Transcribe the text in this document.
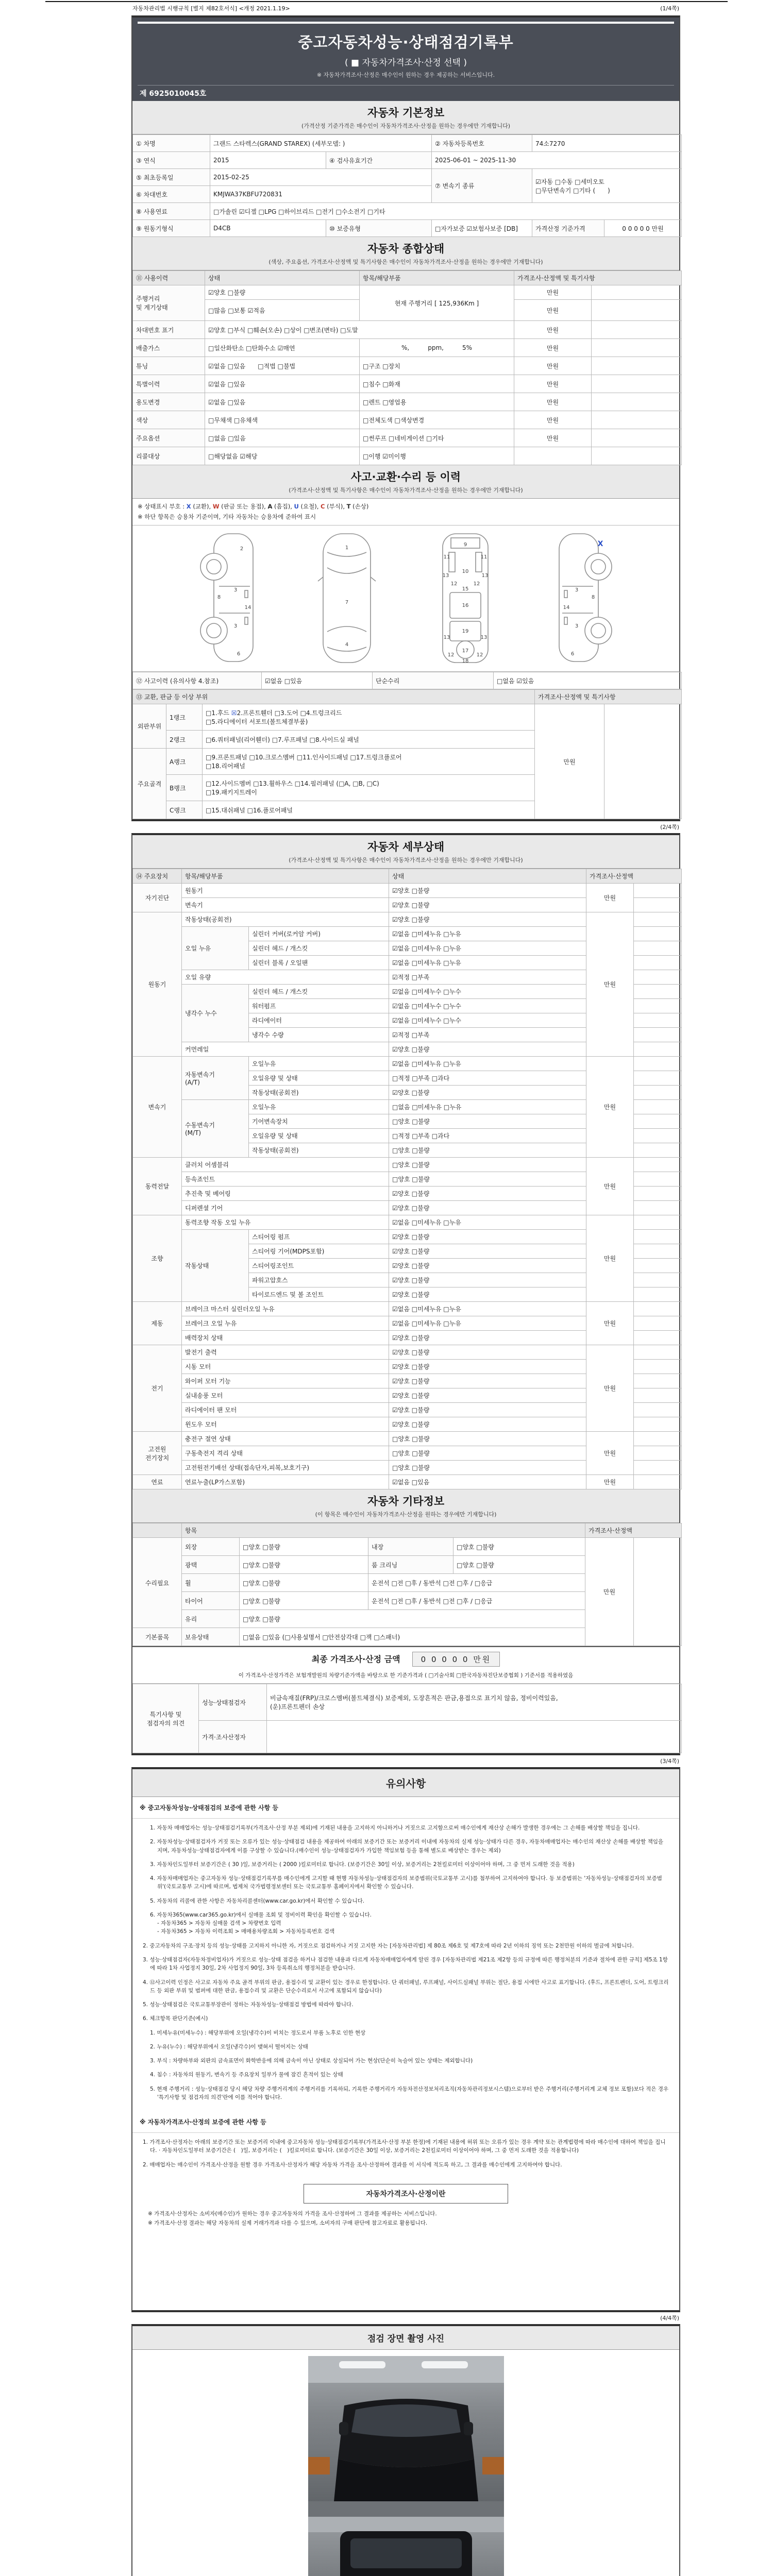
자동차관리법 시행규칙 [별지 제82호서식] <개정 2021.1.19>	(1/4쪽)
중고자동차성능·상태점검기록부
( ■ 자동차가격조사·산정 선택 )
※ 자동차가격조사·산정은 매수인이 원하는 경우 제공하는 서비스입니다.
제 6925010045호
자동차 기본정보
(가격산정 기준가격은 매수인이 자동차가격조사·산정을 원하는 경우에만 기재합니다)
① 차명	그랜드 스타렉스(GRAND STAREX) (세부모델: )		② 자동차등록번호	74소7270	
③ 연식	2015	④ 검사유효기간	2025-06-01 ~ 2025-11-30		
⑤ 최초등록일	2015-02-25		⑦ 변속기 종류	☑자동 □수동 □세미오토
□무단변속기 □기타 (  )	
⑥ 차대번호	KMJWA37KBFU720831				
⑧ 사용연료	□가솔린 ☑디젤 □LPG □하이브리드 □전기 □수소전기 □기타				
⑨ 원동기형식	D4CB	⑩ 보증유형	□자가보증 ☑보험사보증 [DB]	가격산정 기준가격	0 0 0 0 0 만원
자동차 종합상태
(색상, 주요옵션, 가격조사·산정액 및 특기사항은 매수인이 자동차가격조사·산정을 원하는 경우에만 기재합니다)
⑪ 사용이력	상태	항목/해당부품	가격조사·산정액 및 특기사항	
주행거리
및 계기상태	☑양호 □불량	현재 주행거리 [ 125,936Km ]	만원	
	□많음 □보통 ☑적음		만원	
차대번호 표기	☑양호 □부식 □훼손(오손) □상이 □변조(변타) □도말		만원	
배출가스	□일산화탄소 □탄화수소 ☑매연	%,   ppm,   5%	만원	
튜닝	☑없음 □있음  □적법 □불법	□구조 □장치	만원	
특별이력	☑없음 □있음	□침수 □화재	만원	
용도변경	☑없음 □있음	□렌트 □영업용	만원	
색상	□무채색 □유채색	□전체도색 □색상변경	만원	
주요옵션	□없음 □있음	□썬루프 □네비게이션 □기타	만원	
리콜대상	□해당없음 ☑해당	□이행 ☑미이행		
사고·교환·수리 등 이력
(가격조사·산정액 및 특기사항은 매수인이 자동차가격조사·산정을 원하는 경우에만 기재합니다)
※ 상태표시 부호 : X (교환), W (판금 또는 용접), A (흠집), U (요철), C (부식), T (손상)
※ 하단 항목은 승용차 기준이며, 기타 자동차는 승용차에 준하여 표시
2
8
3
14
3
6
1
7
4
9
11	11
13	13
12	12
10
15
16
19
13	13
12	12
17
18
X
3
8
14
3
6
⑫ 사고이력 (유의사항 4.참조)	☑없음 □있음	단순수리	□없음 ☑있음
⑬ 교환, 판금 등 이상 부위			가격조사·산정액 및 특기사항	
외판부위	1랭크	□1.후드 ☒2.프론트휀더 □3.도어 □4.트렁크리드
□5.라디에이터 서포트(볼트체결부품)	만원	
	2랭크	□6.쿼터패널(리어휀더) □7.루프패널 □8.사이드실 패널		
주요골격	A랭크	□9.프론트패널 □10.크로스멤버 □11.인사이드패널 □17.트렁크플로어
□18.리어패널		
	B랭크	□12.사이드멤버 □13.휠하우스 □14.필러패널 (□A, □B, □C)
□19.패키지트레이		
	C랭크	□15.대쉬패널 □16.플로어패널		
(2/4쪽)
자동차 세부상태
(가격조사·산정액 및 특기사항은 매수인이 자동차가격조사·산정을 원하는 경우에만 기재합니다)
⑭ 주요장치	항목/해당부품		상태	가격조사·산정액	
자기진단	원동기		☑양호 □불량	만원	
	변속기		☑양호 □불량		
원동기	작동상태(공회전)		☑양호 □불량	만원	
	오일 누유	실린더 커버(로커암 커버)	☑없음 □미세누유 □누유		
		실린더 헤드 / 개스킷	☑없음 □미세누유 □누유		
		실린더 블록 / 오일팬	☑없음 □미세누유 □누유		
	오일 유량		☑적정 □부족		
	냉각수 누수	실린더 헤드 / 개스킷	☑없음 □미세누수 □누수		
		워터펌프	☑없음 □미세누수 □누수		
		라디에이터	☑없음 □미세누수 □누수		
		냉각수 수량	☑적정 □부족		
	커먼레일		☑양호 □불량		
변속기	자동변속기
(A/T)	오일누유	☑없음 □미세누유 □누유	만원	
		오일유량 및 상태	□적정 □부족 □과다		
		작동상태(공회전)	☑양호 □불량		
	수동변속기
(M/T)	오일누유	□없음 □미세누유 □누유		
		기어변속장치	□양호 □불량		
		오일유량 및 상태	□적정 □부족 □과다		
		작동상태(공회전)	□양호 □불량		
동력전달	클러치 어셈블리		□양호 □불량	만원	
	등속죠인트		□양호 □불량		
	추진축 및 베어링		☑양호 □불량		
	디퍼렌셜 기어		☑양호 □불량		
조향	동력조향 작동 오일 누유		☑없음 □미세누유 □누유	만원	
	작동상태	스티어링 펌프	☑양호 □불량		
		스티어링 기어(MDPS포함)	☑양호 □불량		
		스티어링조인트	☑양호 □불량		
		파워고압호스	☑양호 □불량		
		타이로드엔드 및 볼 조인트	☑양호 □불량		
제동	브레이크 마스터 실린더오일 누유		☑없음 □미세누유 □누유	만원	
	브레이크 오일 누유		☑없음 □미세누유 □누유		
	배력장치 상태		☑양호 □불량		
전기	발전기 출력		☑양호 □불량	만원	
	시동 모터		☑양호 □불량		
	와이퍼 모터 기능		☑양호 □불량		
	실내송풍 모터		☑양호 □불량		
	라디에이터 팬 모터		☑양호 □불량		
	윈도우 모터		☑양호 □불량		
고전원
전기장치	충전구 절연 상태		□양호 □불량	만원	
	구동축전지 격리 상태		□양호 □불량		
	고전원전기배선 상태(접속단자,피복,보호기구)		□양호 □불량		
연료	연료누출(LP가스포함)		☑없음 □있음	만원	
자동차 기타정보
(이 항목은 매수인이 자동차가격조사·산정을 원하는 경우에만 기재합니다)
	항목				가격조사·산정액	
수리필요	외장	□양호 □불량	내장	□양호 □불량	만원	
	광택	□양호 □불량	룸 크리닝	□양호 □불량		
	휠	□양호 □불량	운전석 □전 □후 / 동반석 □전 □후 / □응급			
	타이어	□양호 □불량	운전석 □전 □후 / 동반석 □전 □후 / □응급			
	유리	□양호 □불량				
기본품목	보유상태	□없음 □있음 (□사용설명서 □안전삼각대 □잭 □스패너)				
최종 가격조사·산정 금액	0 0 0 0 0 만원
이 가격조사·산정가격은 보험개발원의 차량기준가액을 바탕으로 한 기준가격과 ( □기술사회 □한국자동차진단보증협회 ) 기준서를 적용하였음
특기사항 및
점검자의 의견	성능·상태점검자	비금속재질(FRP)/크로스멤버(볼트체결식) 보증제외, 도장흔적은 판금,용접으로 표기치 않음, 정비이력있음,
(운)프론트펜더 손상
	가격·조사산정자	
(3/4쪽)
유의사항
※ 중고자동차성능·상태점검의 보증에 관한 사항 등

1. 자동차 매매업자는 성능·상태점검기록부(가격조사·산정 부분 제외)에 기재된 내용을 고지하지 아니하거나 거짓으로 고지함으로써 매수인에게 재산상 손해가 발생한 경우에는 그 손해를 배상할 책임을 집니다.

2. 자동차성능·상태점검자가 거짓 또는 오류가 있는 성능·상태점검 내용을 제공하여 아래의 보증기간 또는 보증거리 이내에 자동차의 실제 성능·상태가 다른 경우, 자동차매매업자는 매수인의 재산상 손해를 배상할 책임을 지며, 자동차성능·상태점검자에게 이를 구상할 수 있습니다.(매수인이 성능·상태점검자가 가입한 책임보험 등을 통해 별도로 배상받는 경우는 제외)

3. 자동차인도일부터 보증기간은 ( 30 )일, 보증거리는 ( 2000 )킬로미터로 합니다. (보증기간은 30일 이상, 보증거리는 2천킬로미터 이상이어야 하며, 그 중 먼저 도래한 것을 적용)

4. 자동차매매업자는 중고자동차 성능·상태점검기록부를 매수인에게 고지할 때 현행 자동차성능·상태점검자의 보증범위(국토교통부 고시)를 첨부하여 고지하여야 합니다. 동 보증범위는 '자동차성능·상태점검자의 보증범위'(국토교통부 고시)에 따르며, 법제처 국가법령정보센터 또는 국토교통부 홈페이지에서 확인할 수 있습니다.

5. 자동차의 리콜에 관한 사항은 자동차리콜센터(www.car.go.kr)에서 확인할 수 있습니다.

6. 자동차365(www.car365.go.kr)에서 실매물 조회 및 정비이력 확인을 확인할 수 있습니다.
- 자동차365 > 자동차 실매물 검색 > 차량번호 입력
- 자동차365 > 자동차 이력조회 > 매매용차량조회 > 자동차등록번호 검색

2. 중고자동차의 구조·장치 등의 성능·상태를 고지하지 아니한 자, 거짓으로 점검하거나 거짓 고지한 자는 [자동차관리법] 제 80조 제6호 및 제7호에 따라 2년 이하의 징역 또는 2천만원 이하의 벌금에 처합니다.

3. 성능·상태점검자(자동차정비업자)가 거짓으로 성능·상태 점검을 하거나 점검한 내용과 다르게 자동차매매업자에게 알린 경우 [자동차관리법 제21조 제2항 등의 규정에 따른 행정처분의 기준과 절차에 관한 규칙] 제5조 1항에 따라 1차 사업정지 30일, 2차 사업정지 90일, 3차 등록취소의 행정처분을 받습니다.

4. ⑫사고이력 인정은 사고로 자동차 주요 골격 부위의 판금, 용접수리 및 교환이 있는 경우로 한정합니다. 단 쿼터패널, 루프패널, 사이드실패널 부위는 절단, 용접 시에만 사고로 표기합니다. (후드, 프론트펜더, 도어, 트렁크리드 등 외판 부위 및 범퍼에 대한 판금, 용접수리 및 교환은 단순수리로서 사고에 포함되지 않습니다)

5. 성능·상태점검은 국토교통부장관이 정하는 자동차성능·상태점검 방법에 따라야 합니다.

6. 체크항목 판단기준(예시)

1. 미세누유(미세누수) : 해당부위에 오일(냉각수)이 비치는 정도로서 부품 노후로 인한 현상

2. 누유(누수) : 해당부위에서 오일(냉각수)이 맺혀서 떨어지는 상태

3. 부식 : 차량하부와 외판의 금속표면이 화학반응에 의해 금속이 아닌 상태로 상실되어 가는 현상(단순히 녹슬어 있는 상태는 제외합니다)

4. 침수 : 자동차의 원동기, 변속기 등 주요장치 일부가 물에 잠긴 흔적이 있는 상태

5. 현재 주행거리 : 성능·상태점검 당시 해당 차량 주행거리계의 주행거리를 기록하되, 기록한 주행거리가 자동차전산정보처리조직(자동차관리정보시스템)으로부터 받은 주행거리(주행거리계 교체 정보 포함)보다 적은 경우 '특기사항 및 점검자의 의견'란에 이를 적어야 합니다.

※ 자동차가격조사·산정의 보증에 관한 사항 등

1. 가격조사·산정자는 아래의 보증기간 또는 보증거리 이내에 중고자동차 성능·상태점검기록부(가격조사·산정 부분 한정)에 기재된 내용에 허위 또는 오류가 있는 경우 계약 또는 관계법령에 따라 매수인에 대하여 책임을 집니다. · 자동차인도일부터 보증기간은 ( )일, 보증거리는 ( )킬로미터로 합니다. (보증기간은 30일 이상, 보증거리는 2천킬로미터 이상이어야 하며, 그 중 먼저 도래한 것을 적용합니다)

2. 매매업자는 매수인이 가격조사·산정을 원할 경우 가격조사·산정자가 해당 자동차 가격을 조사·산정하여 결과를 이 서식에 적도록 하고, 그 결과를 매수인에게 고지하여야 합니다.

자동차가격조사·산정이란
※ 가격조사·산정자는 소비자(매수인)가 원하는 경우 중고자동차의 가격을 조사·산정하여 그 결과를 제공하는 서비스입니다.
※ 가격조사·산정 결과는 해당 자동차의 실제 거래가격과 다를 수 있으며, 소비자의 구매 판단에 참고자료로 활용됩니다.
(4/4쪽)
점검 장면 촬영 사진
